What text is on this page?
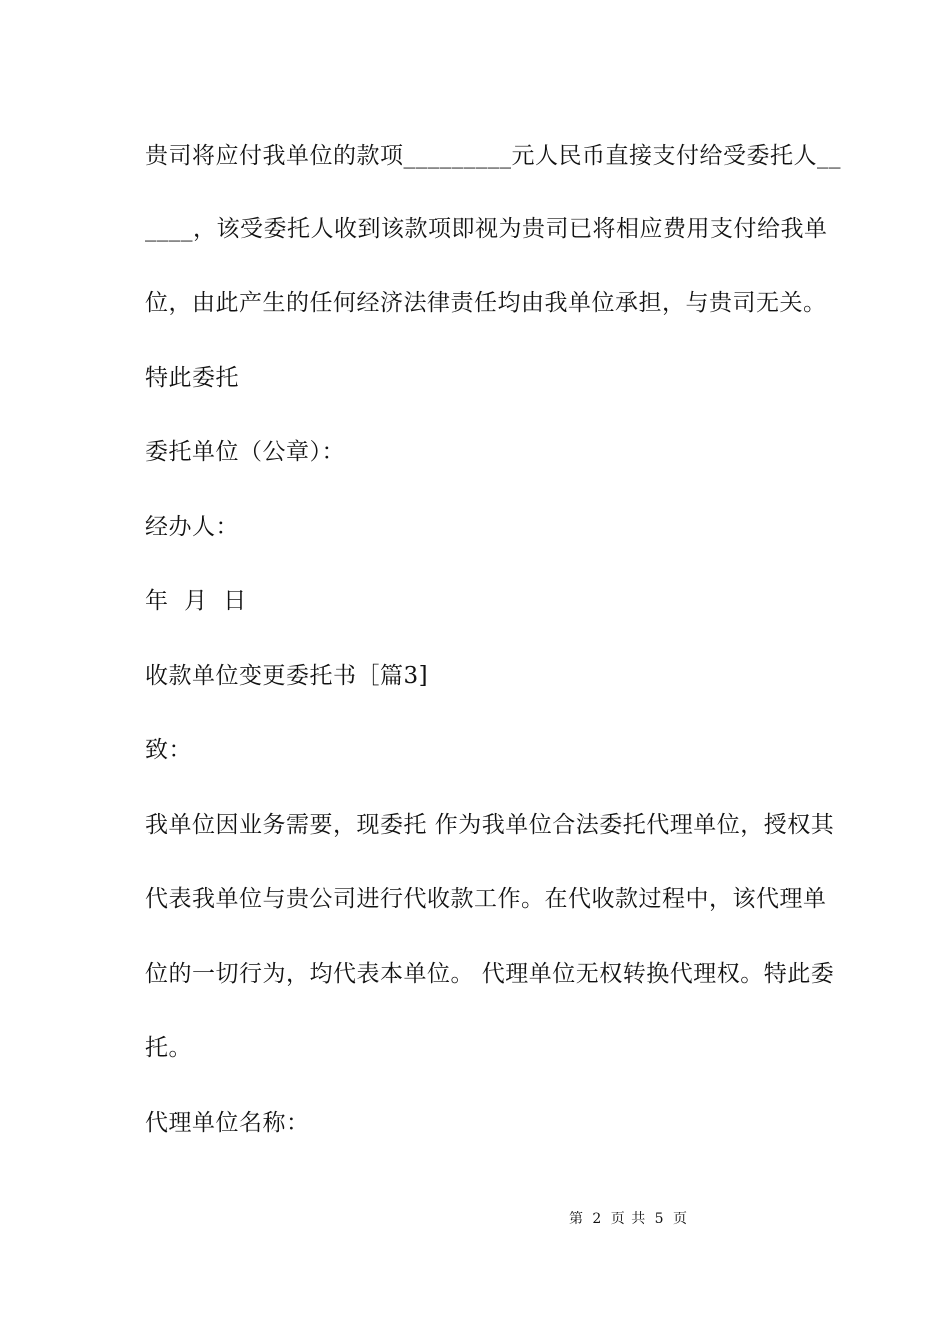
贵司将应付我单位的款项_________元人民币直接支付给受委托人__
____，该受委托人收到该款项即视为贵司已将相应费用支付给我单
位，由此产生的任何经济法律责任均由我单位承担，与贵司无关。
特此委托
委托单位（公章）：
经办人：
年  月  日
收款单位变更委托书［篇3]
致：
我单位因业务需要，现委托 作为我单位合法委托代理单位，授权其
代表我单位与贵公司进行代收款工作。在代收款过程中，该代理单
位的一切行为，均代表本单位。 代理单位无权转换代理权。特此委
托。
代理单位名称：
第 2 页 共 5 页
